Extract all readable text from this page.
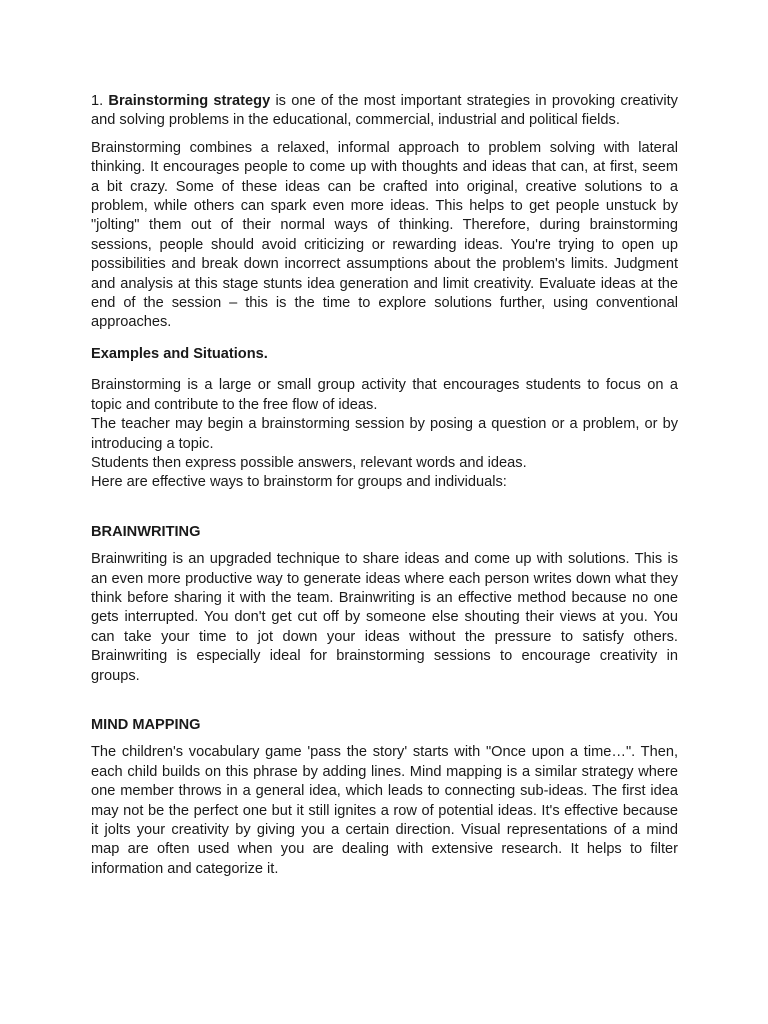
1. Brainstorming strategy is one of the most important strategies in provoking creativity and solving problems in the educational, commercial, industrial and political fields.

Brainstorming combines a relaxed, informal approach to problem solving with lateral thinking. It encourages people to come up with thoughts and ideas that can, at first, seem a bit crazy. Some of these ideas can be crafted into original, creative solutions to a problem, while others can spark even more ideas. This helps to get people unstuck by "jolting" them out of their normal ways of thinking. Therefore, during brainstorming sessions, people should avoid criticizing or rewarding ideas. You're trying to open up possibilities and break down incorrect assumptions about the problem's limits. Judgment and analysis at this stage stunts idea generation and limit creativity. Evaluate ideas at the end of the session – this is the time to explore solutions further, using conventional approaches.

Examples and Situations.

Brainstorming is a large or small group activity that encourages students to focus on a topic and contribute to the free flow of ideas.

The teacher may begin a brainstorming session by posing a question or a problem, or by introducing a topic.

Students then express possible answers, relevant words and ideas.

Here are effective ways to brainstorm for groups and individuals:

BRAINWRITING

Brainwriting is an upgraded technique to share ideas and come up with solutions. This is an even more productive way to generate ideas where each person writes down what they think before sharing it with the team. Brainwriting is an effective method because no one gets interrupted. You don't get cut off by someone else shouting their views at you. You can take your time to jot down your ideas without the pressure to satisfy others. Brainwriting is especially ideal for brainstorming sessions to encourage creativity in groups.

MIND MAPPING

The children's vocabulary game 'pass the story' starts with "Once upon a time…". Then, each child builds on this phrase by adding lines. Mind mapping is a similar strategy where one member throws in a general idea, which leads to connecting sub-ideas. The first idea may not be the perfect one but it still ignites a row of potential ideas. It's effective because it jolts your creativity by giving you a certain direction. Visual representations of a mind map are often used when you are dealing with extensive research. It helps to filter information and categorize it.
